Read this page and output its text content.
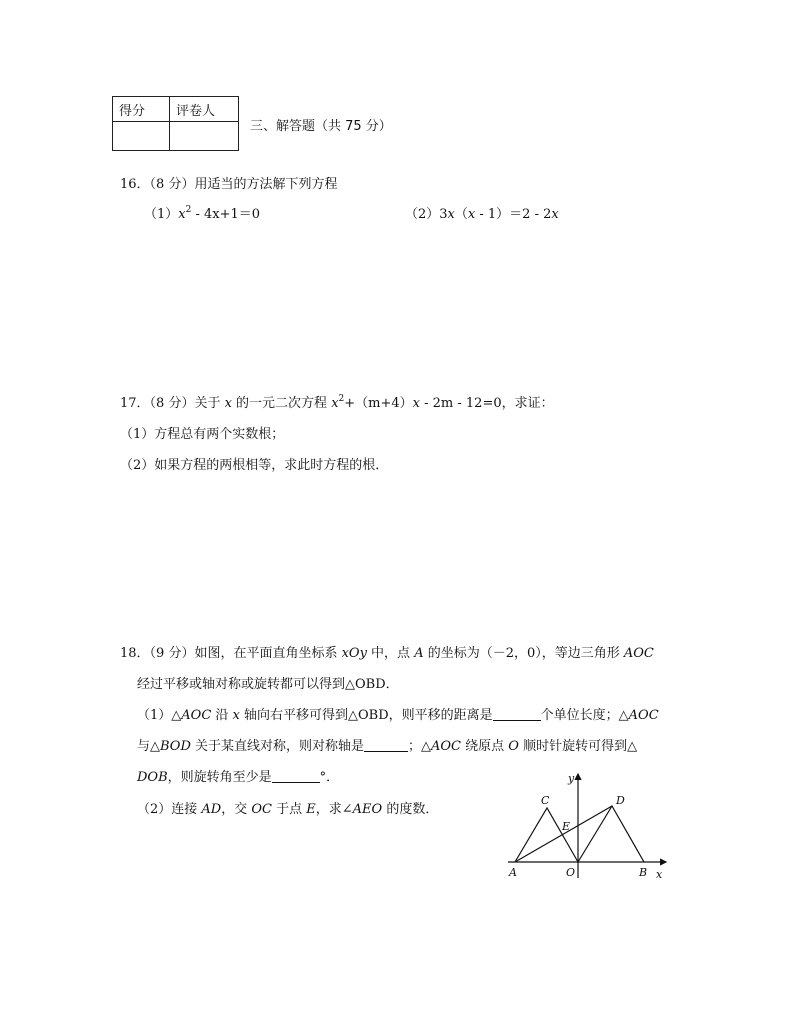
得分	评卷人

三、解答题（共 75 分）
16．（8 分）用适当的方法解下列方程
$(1)x^2 - 4x+1=0$	（2）3x（x - 1）＝2 - 2x
17．（8 分）关于 x 的一元二次方程 $x^2+(m+4)x - 2m - 12=0$，求证：
（1）方程总有两个实数根；
（2）如果方程的两根相等，求此时方程的根．
18．（9 分）如图，在平面直角坐标系 xOy 中，点 A 的坐标为（－2，0），等边三角形 AOC
经过平移或轴对称或旋转都可以得到△OBD．
（1）△AOC 沿 x 轴向右平移可得到△OBD，则平移的距离是	个单位长度；△AOC
与△BOD 关于某直线对称，则对称轴是	；△AOC 绕原点 O 顺时针旋转可得到△
DOB，则旋转角至少是	°．
（2）连接 AD，交 OC 于点 E，求∠AEO 的度数．
A	O	B
C	D
E
x
y
